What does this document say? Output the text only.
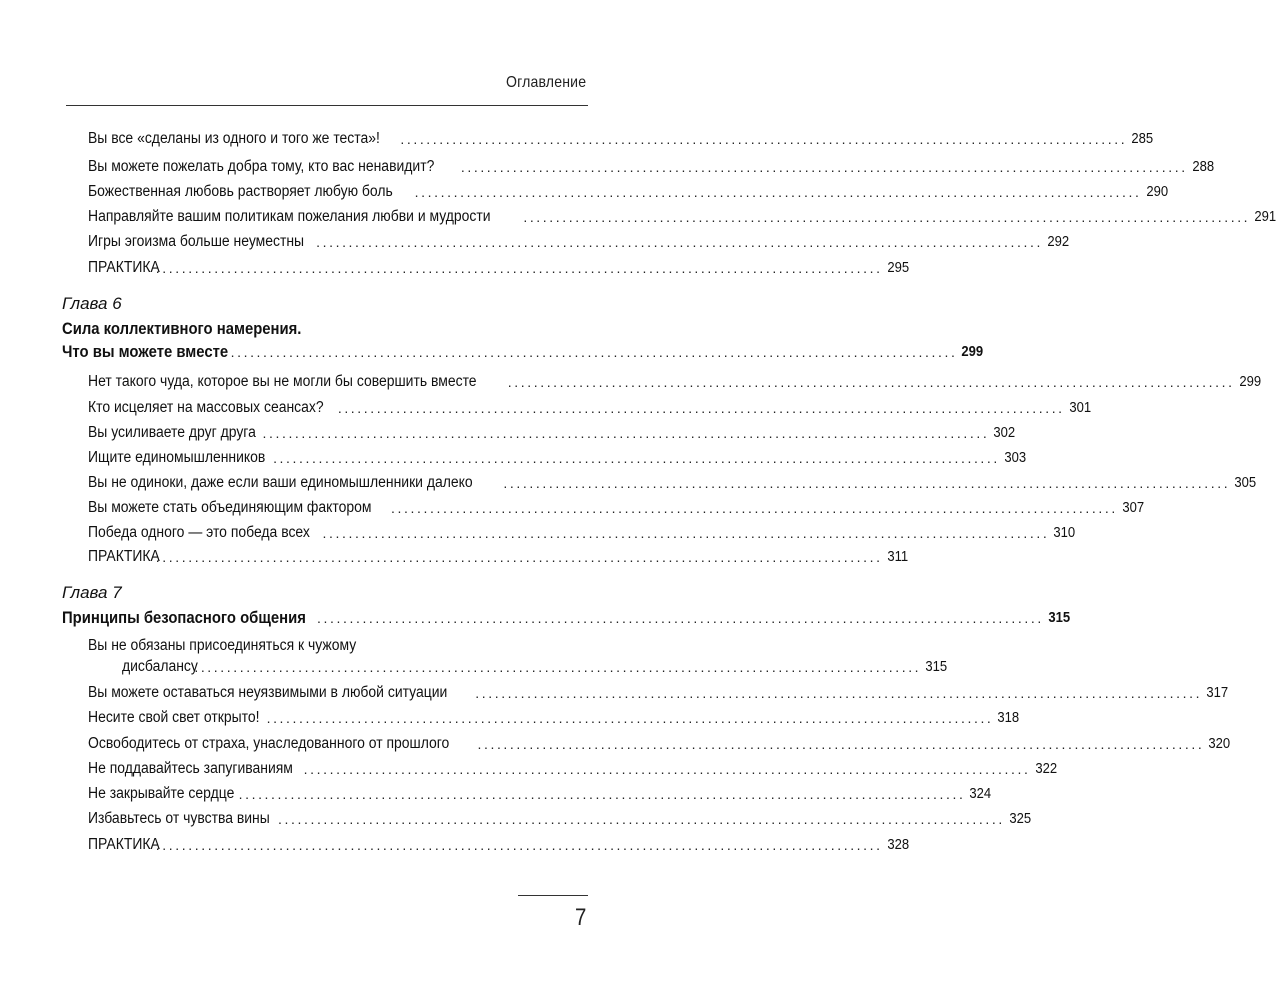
Оглавление
Вы все «сделаны из одного и того же теста»! ................................................................................................................ 285
Вы можете пожелать добра тому, кто вас ненавидит? ................................................................................................................ 288
Божественная любовь растворяет любую боль ................................................................................................................ 290
Направляйте вашим политикам пожелания любви и мудрости ................................................................................................................ 291
Игры эгоизма больше неуместны ................................................................................................................ 292
ПРАКТИКА
................................................................................................................ 295
Глава 6
Сила коллективного намерения.
Что вы можете вместе ................................................................................................................ 299
Нет такого чуда, которое вы не могли бы совершить вместе ................................................................................................................ 299
Кто исцеляет на массовых сеансах? ................................................................................................................ 301
Вы усиливаете друг друга ................................................................................................................ 302
Ищите единомышленников ................................................................................................................ 303
Вы не одиноки, даже если ваши единомышленники далеко ................................................................................................................ 305
Вы можете стать объединяющим фактором ................................................................................................................ 307
Победа одного — это победа всех ................................................................................................................ 310
ПРАКТИКА
................................................................................................................ 311
Глава 7
Принципы безопасного общения ................................................................................................................ 315
Вы не обязаны присоединяться к чужому
дисбалансу
................................................................................................................ 315
Вы можете оставаться неуязвимыми в любой ситуации ................................................................................................................ 317
Несите свой свет открыто! ................................................................................................................ 318
Освободитесь от страха, унаследованного от прошлого ................................................................................................................ 320
Не поддавайтесь запугиваниям ................................................................................................................ 322
Не закрывайте сердце ................................................................................................................ 324
Избавьтесь от чувства вины ................................................................................................................ 325
ПРАКТИКА
................................................................................................................ 328
7
